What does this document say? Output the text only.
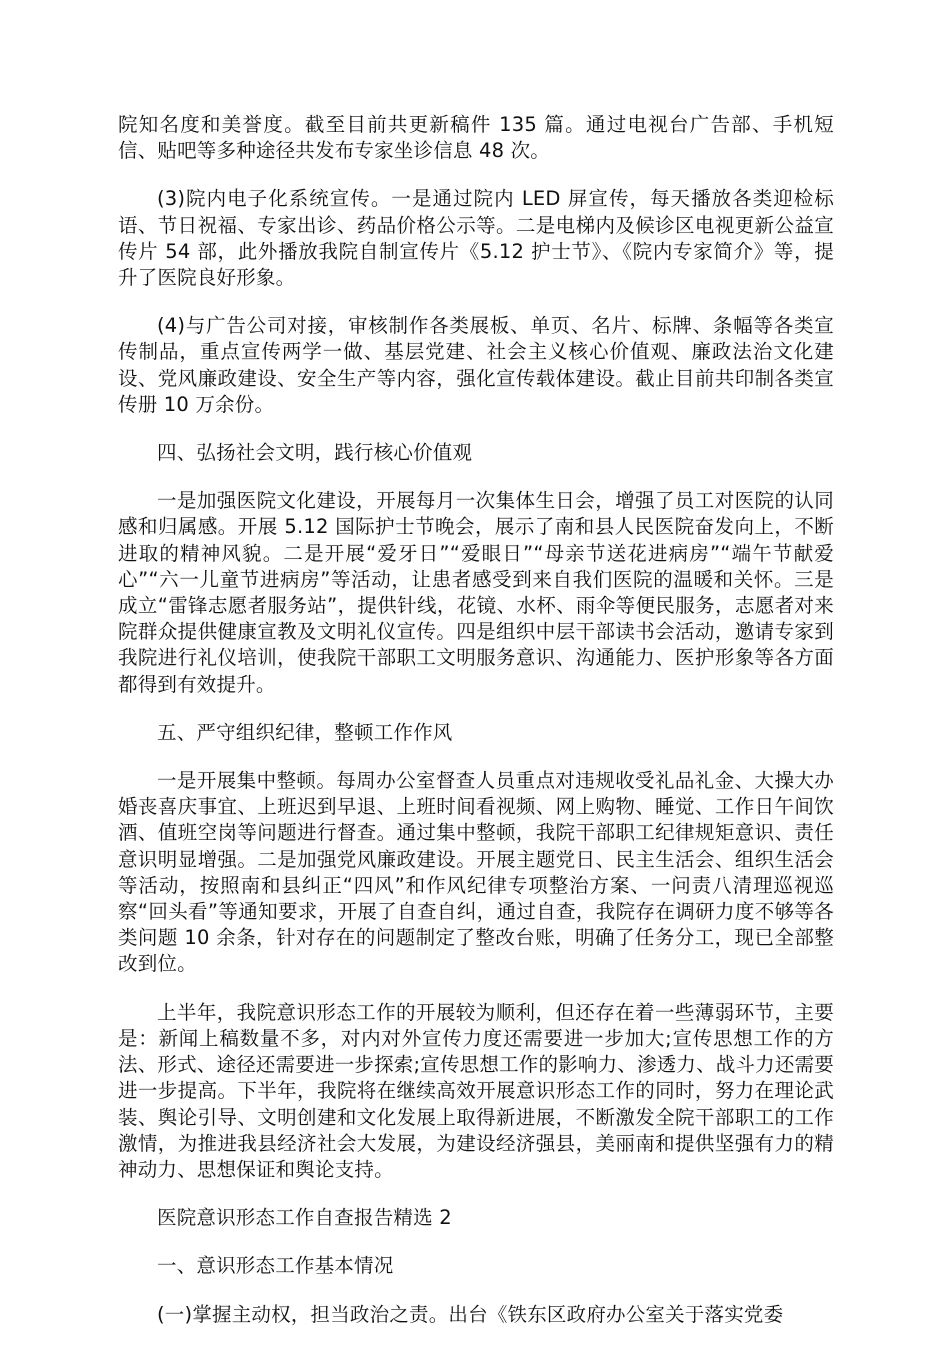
院知名度和美誉度。截至目前共更新稿件 135 篇。通过电视台广告部、手机短信、贴吧等多种途径共发布专家坐诊信息 48 次。

(3)院内电子化系统宣传。一是通过院内 LED 屏宣传，每天播放各类迎检标语、节日祝福、专家出诊、药品价格公示等。二是电梯内及候诊区电视更新公益宣传片 54 部，此外播放我院自制宣传片《5.12 护士节》、《院内专家简介》等，提升了医院良好形象。

(4)与广告公司对接，审核制作各类展板、单页、名片、标牌、条幅等各类宣传制品，重点宣传两学一做、基层党建、社会主义核心价值观、廉政法治文化建设、党风廉政建设、安全生产等内容，强化宣传载体建设。截止目前共印制各类宣传册 10 万余份。

四、弘扬社会文明，践行核心价值观

一是加强医院文化建设，开展每月一次集体生日会，增强了员工对医院的认同感和归属感。开展 5.12 国际护士节晚会，展示了南和县人民医院奋发向上，不断进取的精神风貌。二是开展“爱牙日”“爱眼日”“母亲节送花进病房”“端午节献爱心”“六一儿童节进病房”等活动，让患者感受到来自我们医院的温暖和关怀。三是成立“雷锋志愿者服务站”，提供针线，花镜、水杯、雨伞等便民服务，志愿者对来院群众提供健康宣教及文明礼仪宣传。四是组织中层干部读书会活动，邀请专家到我院进行礼仪培训，使我院干部职工文明服务意识、沟通能力、医护形象等各方面都得到有效提升。

五、严守组织纪律，整顿工作作风

一是开展集中整顿。每周办公室督查人员重点对违规收受礼品礼金、大操大办婚丧喜庆事宜、上班迟到早退、上班时间看视频、网上购物、睡觉、工作日午间饮酒、值班空岗等问题进行督查。通过集中整顿，我院干部职工纪律规矩意识、责任意识明显增强。二是加强党风廉政建设。开展主题党日、民主生活会、组织生活会等活动，按照南和县纠正“四风”和作风纪律专项整治方案、一问责八清理巡视巡察“回头看”等通知要求，开展了自查自纠，通过自查，我院存在调研力度不够等各类问题 10 余条，针对存在的问题制定了整改台账，明确了任务分工，现已全部整改到位。

上半年，我院意识形态工作的开展较为顺利，但还存在着一些薄弱环节，主要是：新闻上稿数量不多，对内对外宣传力度还需要进一步加大;宣传思想工作的方法、形式、途径还需要进一步探索;宣传思想工作的影响力、渗透力、战斗力还需要进一步提高。下半年，我院将在继续高效开展意识形态工作的同时，努力在理论武装、舆论引导、文明创建和文化发展上取得新进展，不断激发全院干部职工的工作激情，为推进我县经济社会大发展，为建设经济强县，美丽南和提供坚强有力的精神动力、思想保证和舆论支持。

医院意识形态工作自查报告精选 2

一、意识形态工作基本情况

(一)掌握主动权，担当政治之责。出台《铁东区政府办公室关于落实党委
